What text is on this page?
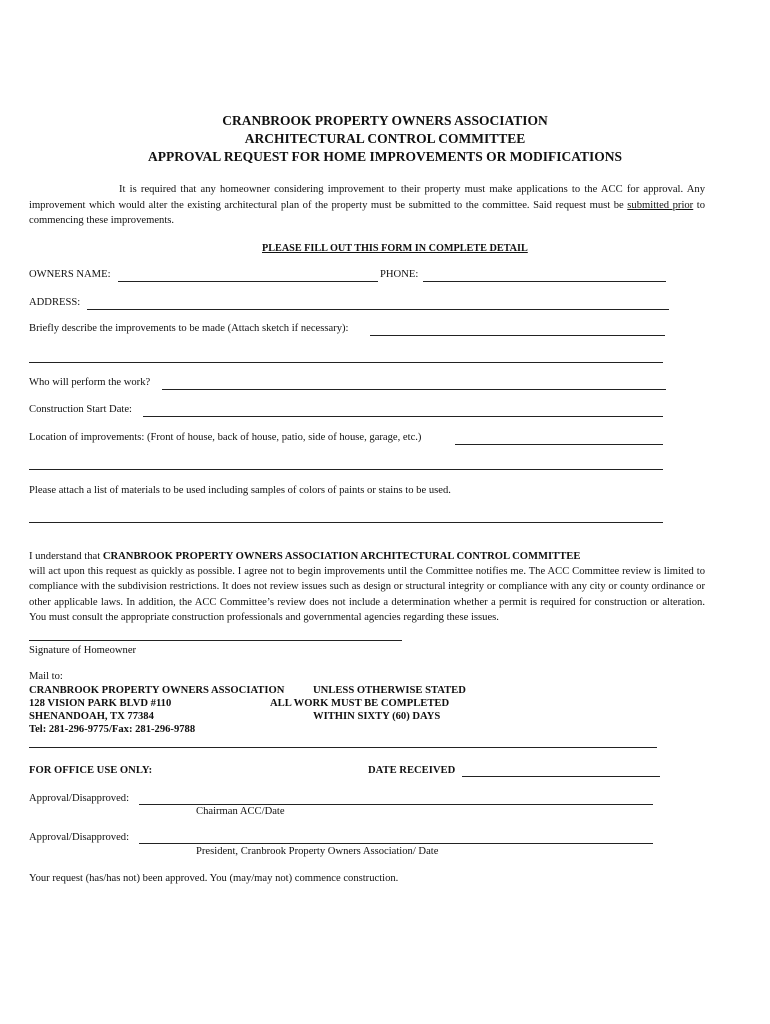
CRANBROOK PROPERTY OWNERS ASSOCIATION
ARCHITECTURAL CONTROL COMMITTEE
APPROVAL REQUEST FOR HOME IMPROVEMENTS OR MODIFICATIONS
It is required that any homeowner considering improvement to their property must make applications to the ACC for approval. Any improvement which would alter the existing architectural plan of the property must be submitted to the committee. Said request must be submitted prior to commencing these improvements.
PLEASE FILL OUT THIS FORM IN COMPLETE DETAIL
OWNERS NAME:	PHONE:
ADDRESS:
Briefly describe the improvements to be made (Attach sketch if necessary):
Who will perform the work?
Construction Start Date:
Location of improvements: (Front of house, back of house, patio, side of house, garage, etc.)
Please attach a list of materials to be used including samples of colors of paints or stains to be used.
I understand that CRANBROOK PROPERTY OWNERS ASSOCIATION ARCHITECTURAL CONTROL COMMITTEE
will act upon this request as quickly as possible. I agree not to begin improvements until the Committee notifies me. The ACC Committee review is limited to compliance with the subdivision restrictions. It does not review issues such as design or structural integrity or compliance with any city or county ordinance or other applicable laws. In addition, the ACC Committee’s review does not include a determination whether a permit is required for construction or alteration. You must consult the appropriate construction professionals and governmental agencies regarding these issues.
Signature of Homeowner
Mail to:
CRANBROOK PROPERTY OWNERS ASSOCIATION
128 VISION PARK BLVD #110
SHENANDOAH, TX 77384
Tel: 281-296-9775/Fax: 281-296-9788
UNLESS OTHERWISE STATED
ALL WORK MUST BE COMPLETED
WITHIN SIXTY (60) DAYS
FOR OFFICE USE ONLY:	DATE RECEIVED
Approval/Disapproved:
Chairman ACC/Date
Approval/Disapproved:
President, Cranbrook Property Owners Association/ Date
Your request (has/has not) been approved. You (may/may not) commence construction.
